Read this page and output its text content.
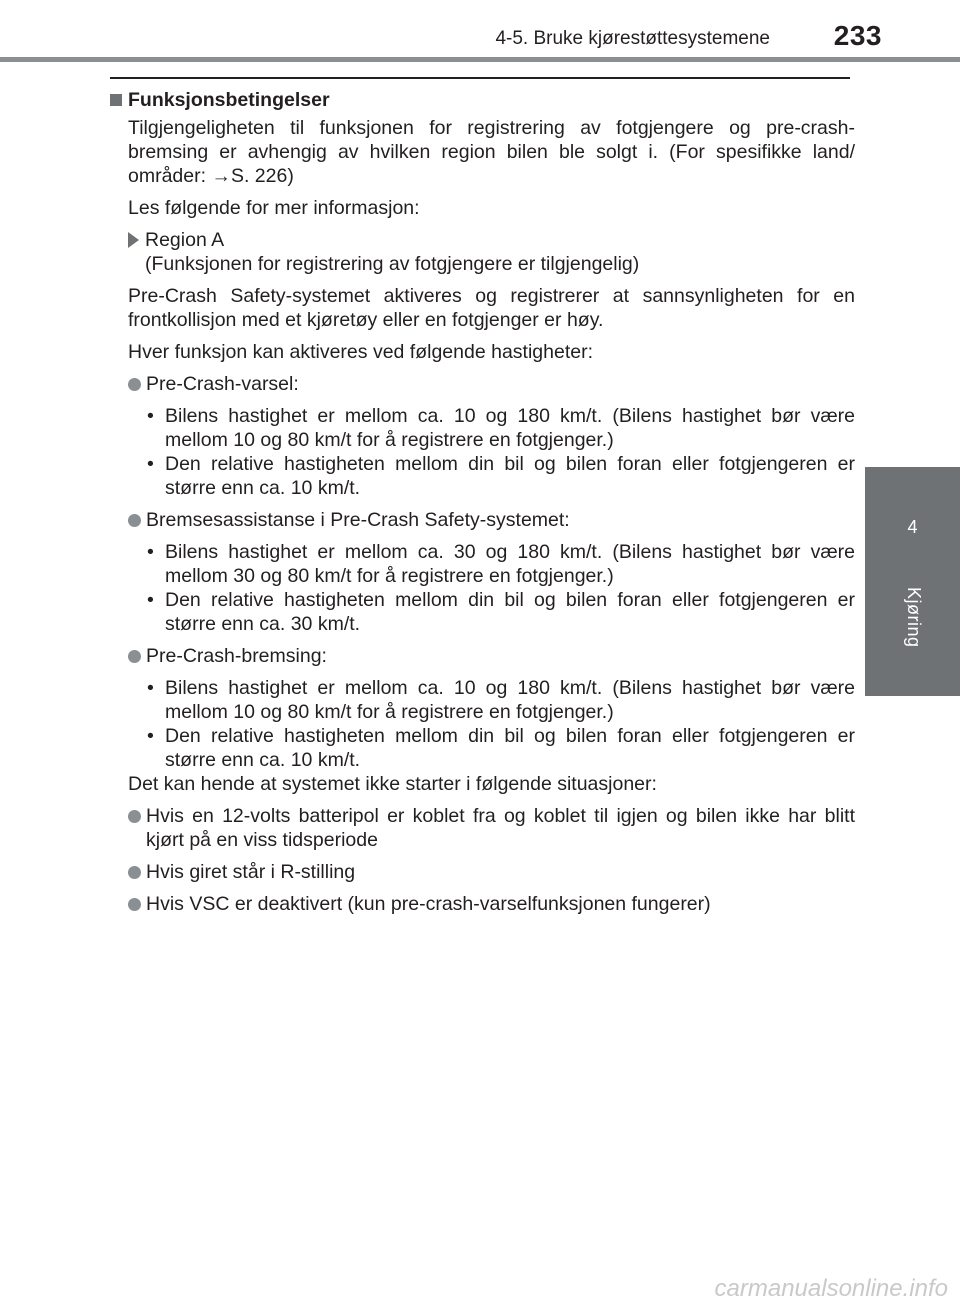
4-5. Bruke kjørestøttesystemene 233
4
Kjøring
Funksjonsbetingelser
Tilgjengeligheten til funksjonen for registrering av fotgjengere og pre-crash-bremsing er avhengig av hvilken region bilen ble solgt i. (For spesifikke land/ områder: →S. 226)
Les følgende for mer informasjon:
Region A
(Funksjonen for registrering av fotgjengere er tilgjengelig)
Pre-Crash Safety-systemet aktiveres og registrerer at sannsynligheten for en frontkollisjon med et kjøretøy eller en fotgjenger er høy.
Hver funksjon kan aktiveres ved følgende hastigheter:
Pre-Crash-varsel:
• Bilens hastighet er mellom ca. 10 og 180 km/t. (Bilens hastighet bør være mellom 10 og 80 km/t for å registrere en fotgjenger.)
• Den relative hastigheten mellom din bil og bilen foran eller fotgjengeren er større enn ca. 10 km/t.
Bremsesassistanse i Pre-Crash Safety-systemet:
• Bilens hastighet er mellom ca. 30 og 180 km/t. (Bilens hastighet bør være mellom 30 og 80 km/t for å registrere en fotgjenger.)
• Den relative hastigheten mellom din bil og bilen foran eller fotgjengeren er større enn ca. 30 km/t.
Pre-Crash-bremsing:
• Bilens hastighet er mellom ca. 10 og 180 km/t. (Bilens hastighet bør være mellom 10 og 80 km/t for å registrere en fotgjenger.)
• Den relative hastigheten mellom din bil og bilen foran eller fotgjengeren er større enn ca. 10 km/t.
Det kan hende at systemet ikke starter i følgende situasjoner:
Hvis en 12-volts batteripol er koblet fra og koblet til igjen og bilen ikke har blitt kjørt på en viss tidsperiode
Hvis giret står i R-stilling
Hvis VSC er deaktivert (kun pre-crash-varselfunksjonen fungerer)
carmanualsonline.info
